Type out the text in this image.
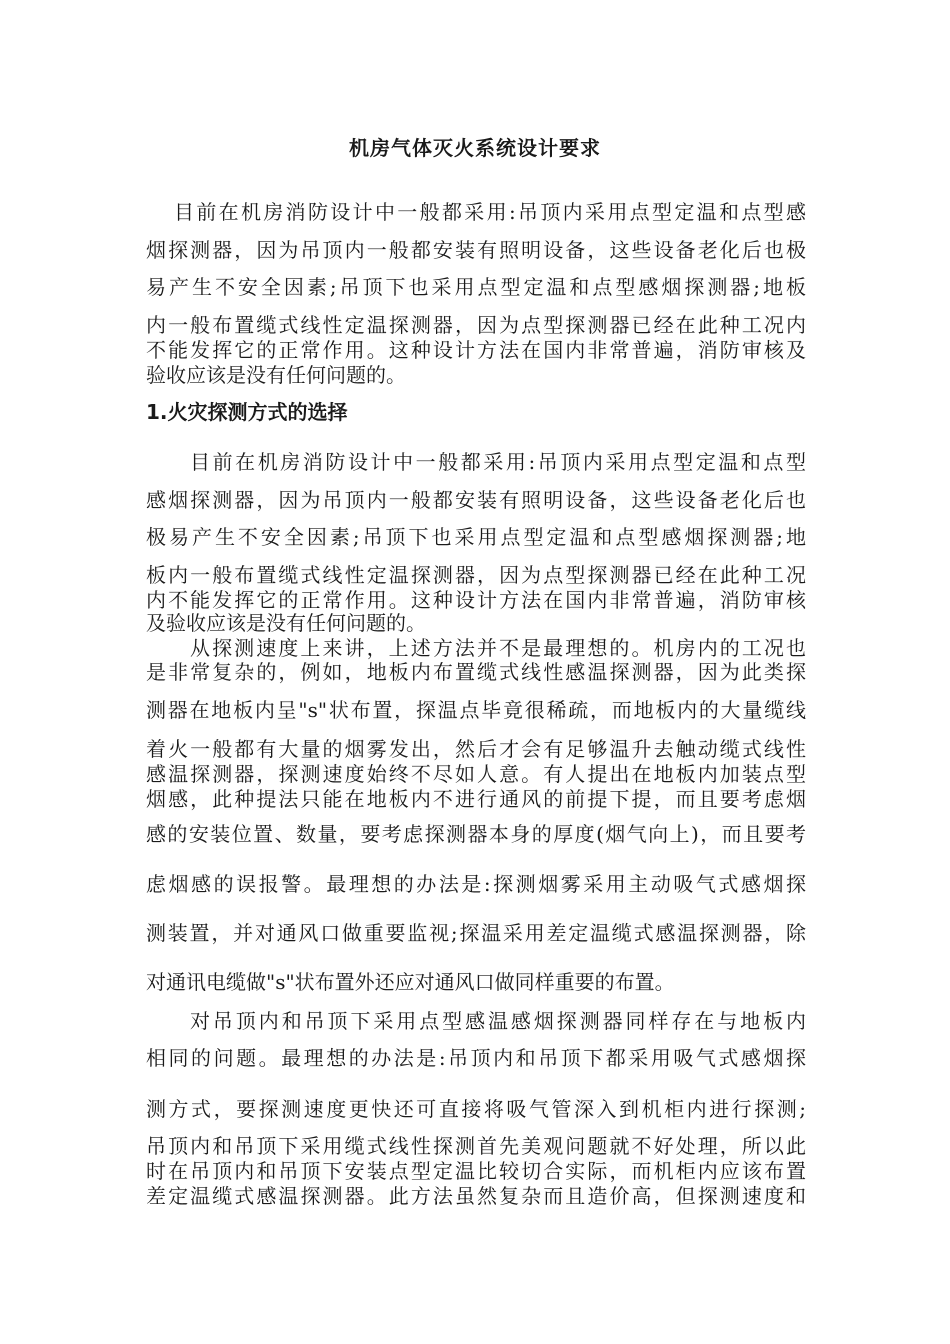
机房气体灭火系统设计要求
目前在机房消防设计中一般都采用:吊顶内采用点型定温和点型感
烟探测器，因为吊顶内一般都安装有照明设备，这些设备老化后也极
易产生不安全因素;吊顶下也采用点型定温和点型感烟探测器;地板
内一般布置缆式线性定温探测器，因为点型探测器已经在此种工况内
不能发挥它的正常作用。这种设计方法在国内非常普遍，消防审核及
验收应该是没有任何问题的。
1.火灾探测方式的选择
目前在机房消防设计中一般都采用:吊顶内采用点型定温和点型
感烟探测器，因为吊顶内一般都安装有照明设备，这些设备老化后也
极易产生不安全因素;吊顶下也采用点型定温和点型感烟探测器;地
板内一般布置缆式线性定温探测器，因为点型探测器已经在此种工况
内不能发挥它的正常作用。这种设计方法在国内非常普遍，消防审核
及验收应该是没有任何问题的。
从探测速度上来讲，上述方法并不是最理想的。机房内的工况也
是非常复杂的，例如，地板内布置缆式线性感温探测器，因为此类探
测器在地板内呈"s"状布置，探温点毕竟很稀疏，而地板内的大量缆线
着火一般都有大量的烟雾发出，然后才会有足够温升去触动缆式线性
感温探测器，探测速度始终不尽如人意。有人提出在地板内加装点型
烟感，此种提法只能在地板内不进行通风的前提下提，而且要考虑烟
感的安装位置、数量，要考虑探测器本身的厚度(烟气向上)，而且要考
虑烟感的误报警。最理想的办法是:探测烟雾采用主动吸气式感烟探
测装置，并对通风口做重要监视;探温采用差定温缆式感温探测器，除
对通讯电缆做"s"状布置外还应对通风口做同样重要的布置。
对吊顶内和吊顶下采用点型感温感烟探测器同样存在与地板内
相同的问题。最理想的办法是:吊顶内和吊顶下都采用吸气式感烟探
测方式，要探测速度更快还可直接将吸气管深入到机柜内进行探测;
吊顶内和吊顶下采用缆式线性探测首先美观问题就不好处理，所以此
时在吊顶内和吊顶下安装点型定温比较切合实际，而机柜内应该布置
差定温缆式感温探测器。此方法虽然复杂而且造价高，但探测速度和
